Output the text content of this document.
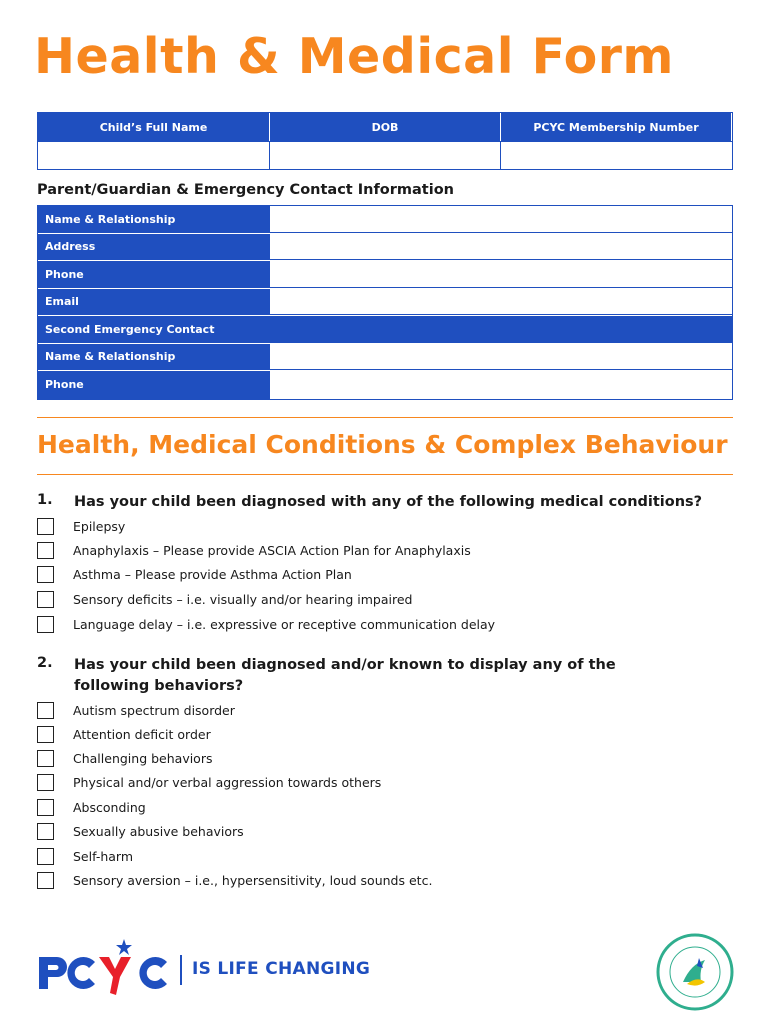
Health & Medical Form
Child’s Full Name	DOB	PCYC Membership Number
Parent/Guardian & Emergency Contact Information
Name & Relationship
Address
Phone
Email
Second Emergency Contact
Name & Relationship
Phone
Health, Medical Conditions & Complex Behaviour
1. Has your child been diagnosed with any of the following medical conditions?
Epilepsy
Anaphylaxis – Please provide ASCIA Action Plan for Anaphylaxis
Asthma – Please provide Asthma Action Plan
Sensory deficits – i.e. visually and/or hearing impaired
Language delay – i.e. expressive or receptive communication delay
2. Has your child been diagnosed and/or known to display any of the following behaviors?
Autism spectrum disorder
Attention deficit order
Challenging behaviors
Physical and/or verbal aggression towards others
Absconding
Sexually abusive behaviors
Self-harm
Sensory aversion – i.e., hypersensitivity, loud sounds etc.
IS LIFE CHANGING
